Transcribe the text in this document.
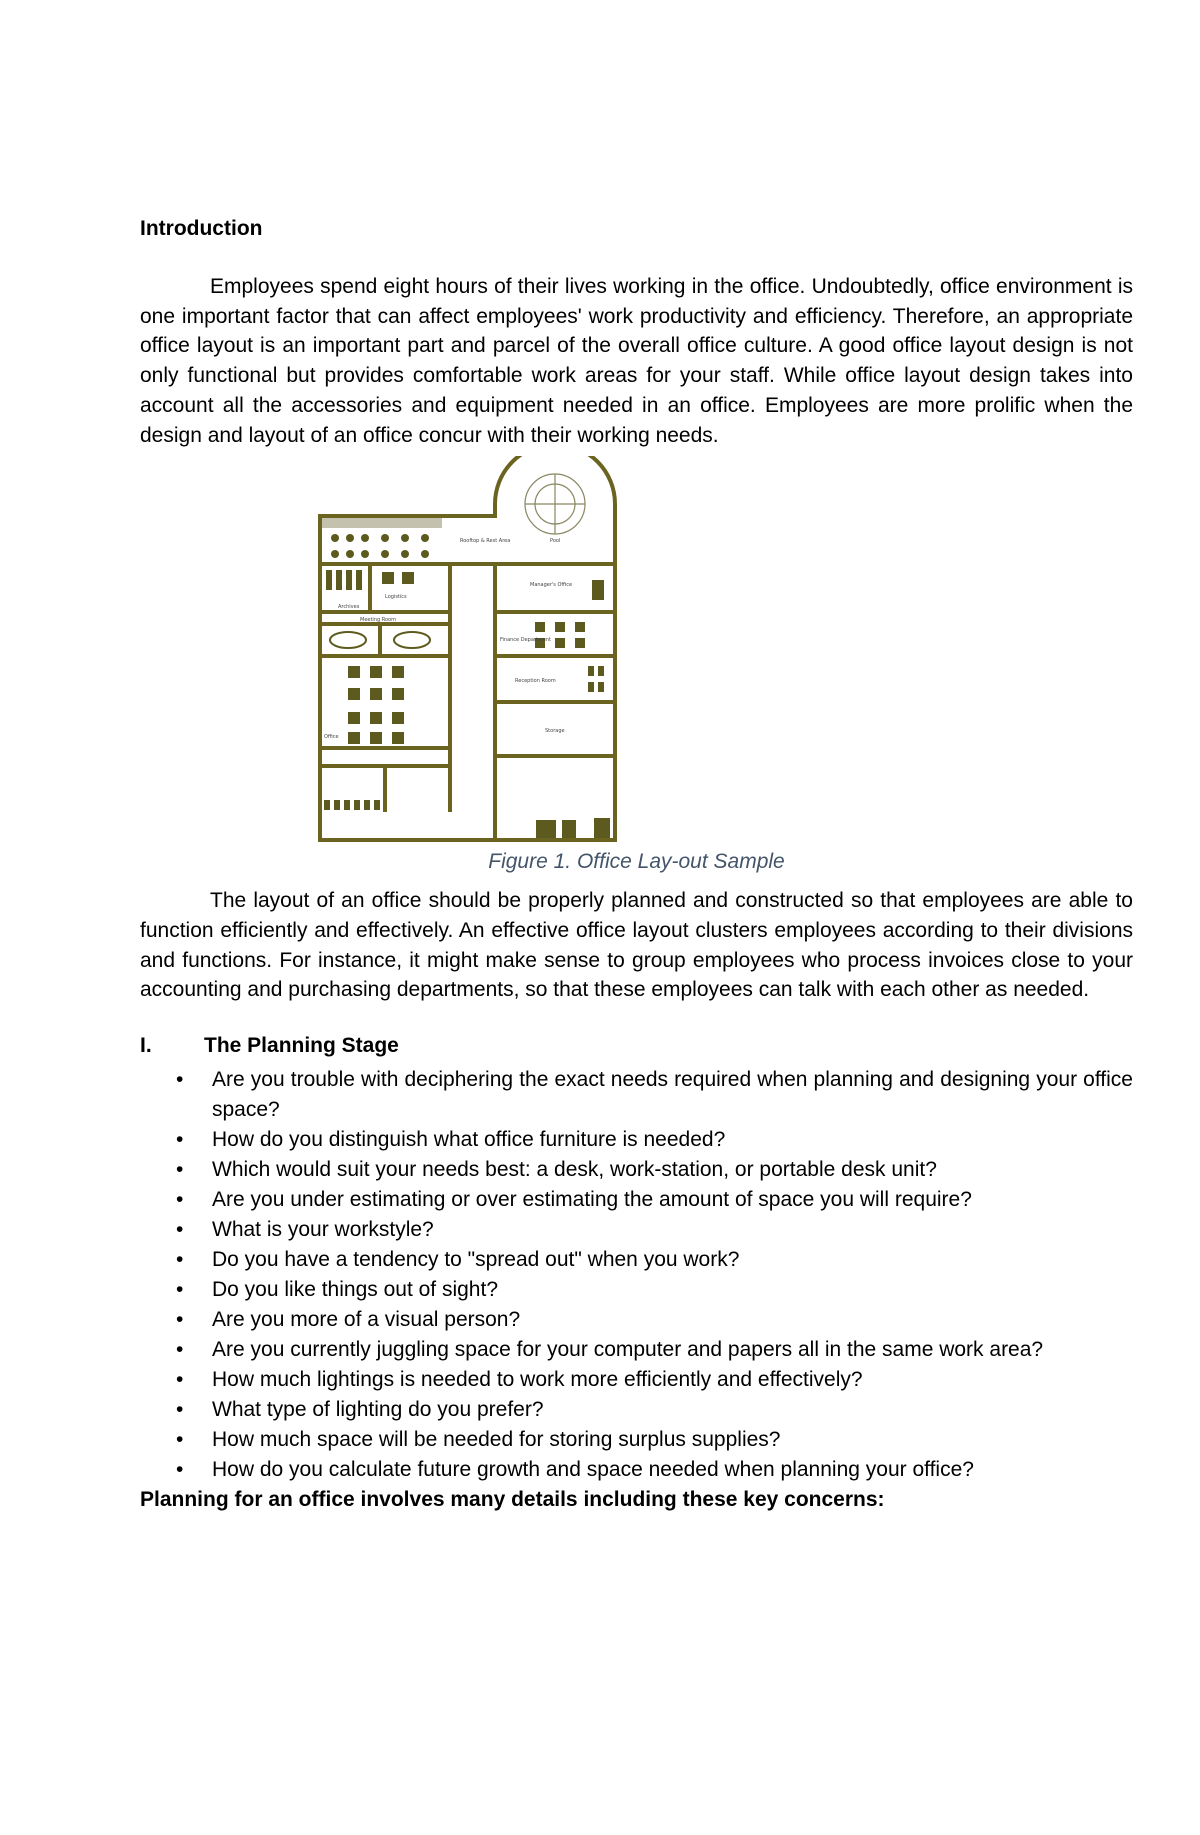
Introduction

Employees spend eight hours of their lives working in the office. Undoubtedly, office environment is one important factor that can affect employees' work productivity and efficiency. Therefore, an appropriate office layout is an important part and parcel of the overall office culture. A good office layout design is not only functional but provides comfortable work areas for your staff. While office layout design takes into account all the accessories and equipment needed in an office. Employees are more prolific when the design and layout of an office concur with their working needs.

Rooftop & Rest Area	Pool
Manager's Office
Logistics
Archives
Meeting Room
Finance Department
Reception Room
Storage
Office
Figure 1. Office Lay-out Sample

The layout of an office should be properly planned and constructed so that employees are able to function efficiently and effectively. An effective office layout clusters employees according to their divisions and functions. For instance, it might make sense to group employees who process invoices close to your accounting and purchasing departments, so that these employees can talk with each other as needed.

I.	The Planning Stage
• Are you trouble with deciphering the exact needs required when planning and designing your office space?
• How do you distinguish what office furniture is needed?
• Which would suit your needs best: a desk, work-station, or portable desk unit?
• Are you under estimating or over estimating the amount of space you will require?
• What is your workstyle?
• Do you have a tendency to "spread out" when you work?
• Do you like things out of sight?
• Are you more of a visual person?
• Are you currently juggling space for your computer and papers all in the same work area?
• How much lightings is needed to work more efficiently and effectively?
• What type of lighting do you prefer?
• How much space will be needed for storing surplus supplies?
• How do you calculate future growth and space needed when planning your office?
Planning for an office involves many details including these key concerns:
